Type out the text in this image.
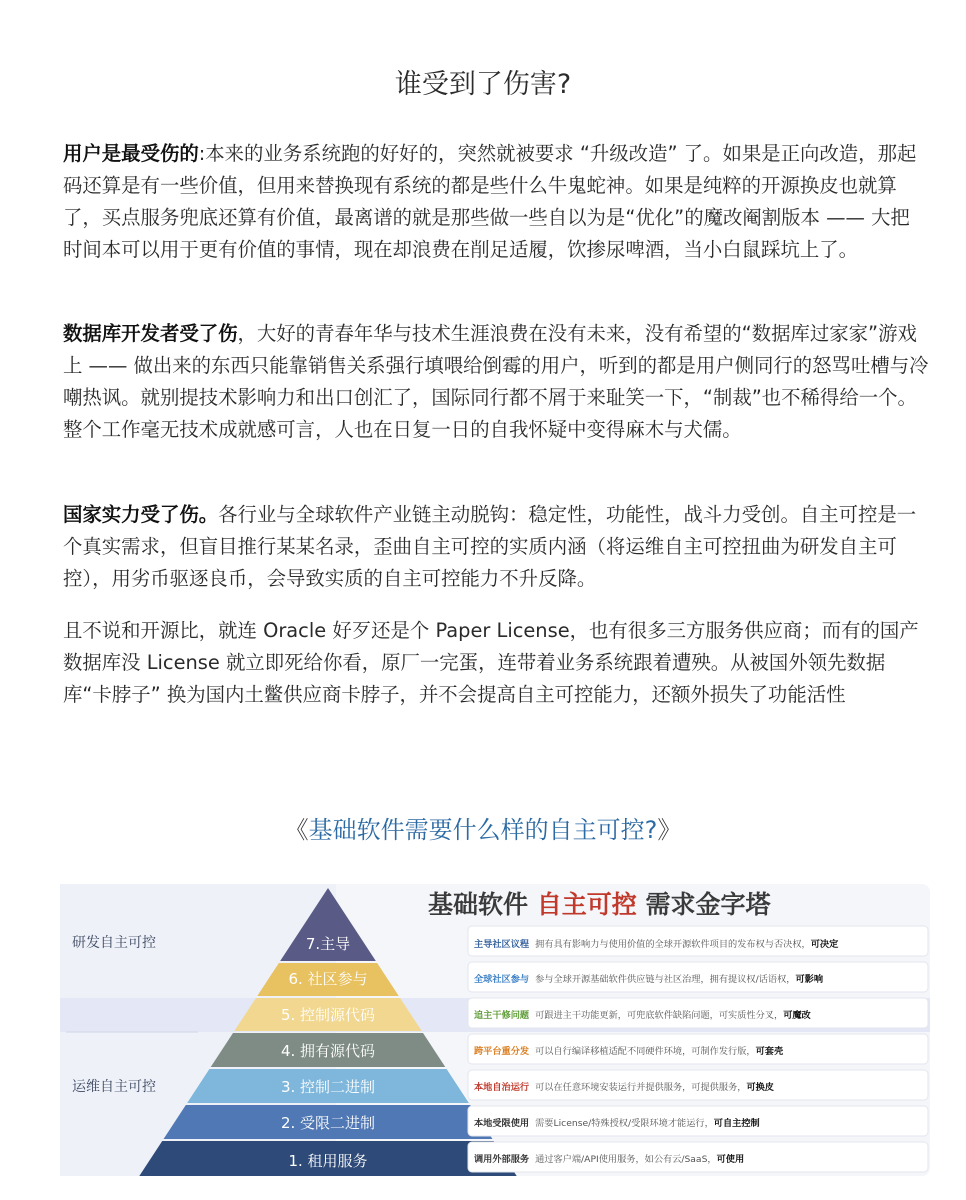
谁受到了伤害?

用户是最受伤的:本来的业务系统跑的好好的，突然就被要求 “升级改造” 了。如果是正向改造，那起码还算是有一些价值，但用来替换现有系统的都是些什么牛鬼蛇神。如果是纯粹的开源换皮也就算了，买点服务兜底还算有价值，最离谱的就是那些做一些自以为是“优化”的魔改阉割版本 —— 大把时间本可以用于更有价值的事情，现在却浪费在削足适履，饮掺尿啤酒，当小白鼠踩坑上了。

数据库开发者受了伤，大好的青春年华与技术生涯浪费在没有未来，没有希望的“数据库过家家”游戏上 —— 做出来的东西只能靠销售关系强行填喂给倒霉的用户，听到的都是用户侧同行的怒骂吐槽与冷嘲热讽。就别提技术影响力和出口创汇了，国际同行都不屑于来耻笑一下，“制裁”也不稀得给一个。整个工作毫无技术成就感可言，人也在日复一日的自我怀疑中变得麻木与犬儒。

国家实力受了伤。各行业与全球软件产业链主动脱钩：稳定性，功能性，战斗力受创。自主可控是一个真实需求，但盲目推行某某名录，歪曲自主可控的实质内涵（将运维自主可控扭曲为研发自主可控），用劣币驱逐良币，会导致实质的自主可控能力不升反降。

且不说和开源比，就连 Oracle 好歹还是个 Paper License，也有很多三方服务供应商；而有的国产数据库没 License 就立即死给你看，原厂一完蛋，连带着业务系统跟着遭殃。从被国外领先数据库“卡脖子” 换为国内土鳖供应商卡脖子，并不会提高自主可控能力，还额外损失了功能活性

《基础软件需要什么样的自主可控?》
基础软件 自主可控 需求金字塔
研发自主可控
运维自主可控
7.主导
6. 社区参与
5. 控制源代码
4. 拥有源代码
3. 控制二进制
2. 受限二进制
1. 租用服务
主导社区议程 拥有具有影响力与使用价值的全球开源软件项目的发布权与否决权，可决定
全球社区参与 参与全球开源基础软件供应链与社区治理，拥有提议权/话语权，可影响
追主干修问题 可跟进主干功能更新，可兜底软件缺陷问题，可实质性分叉，可魔改
跨平台重分发 可以自行编译移植适配不同硬件环境，可制作发行版，可套壳
本地自治运行 可以在任意环境安装运行并提供服务，可提供服务，可换皮
本地受限使用 需要License/特殊授权/受限环境才能运行，可自主控制
调用外部服务 通过客户端/API使用服务，如公有云/SaaS，可使用
